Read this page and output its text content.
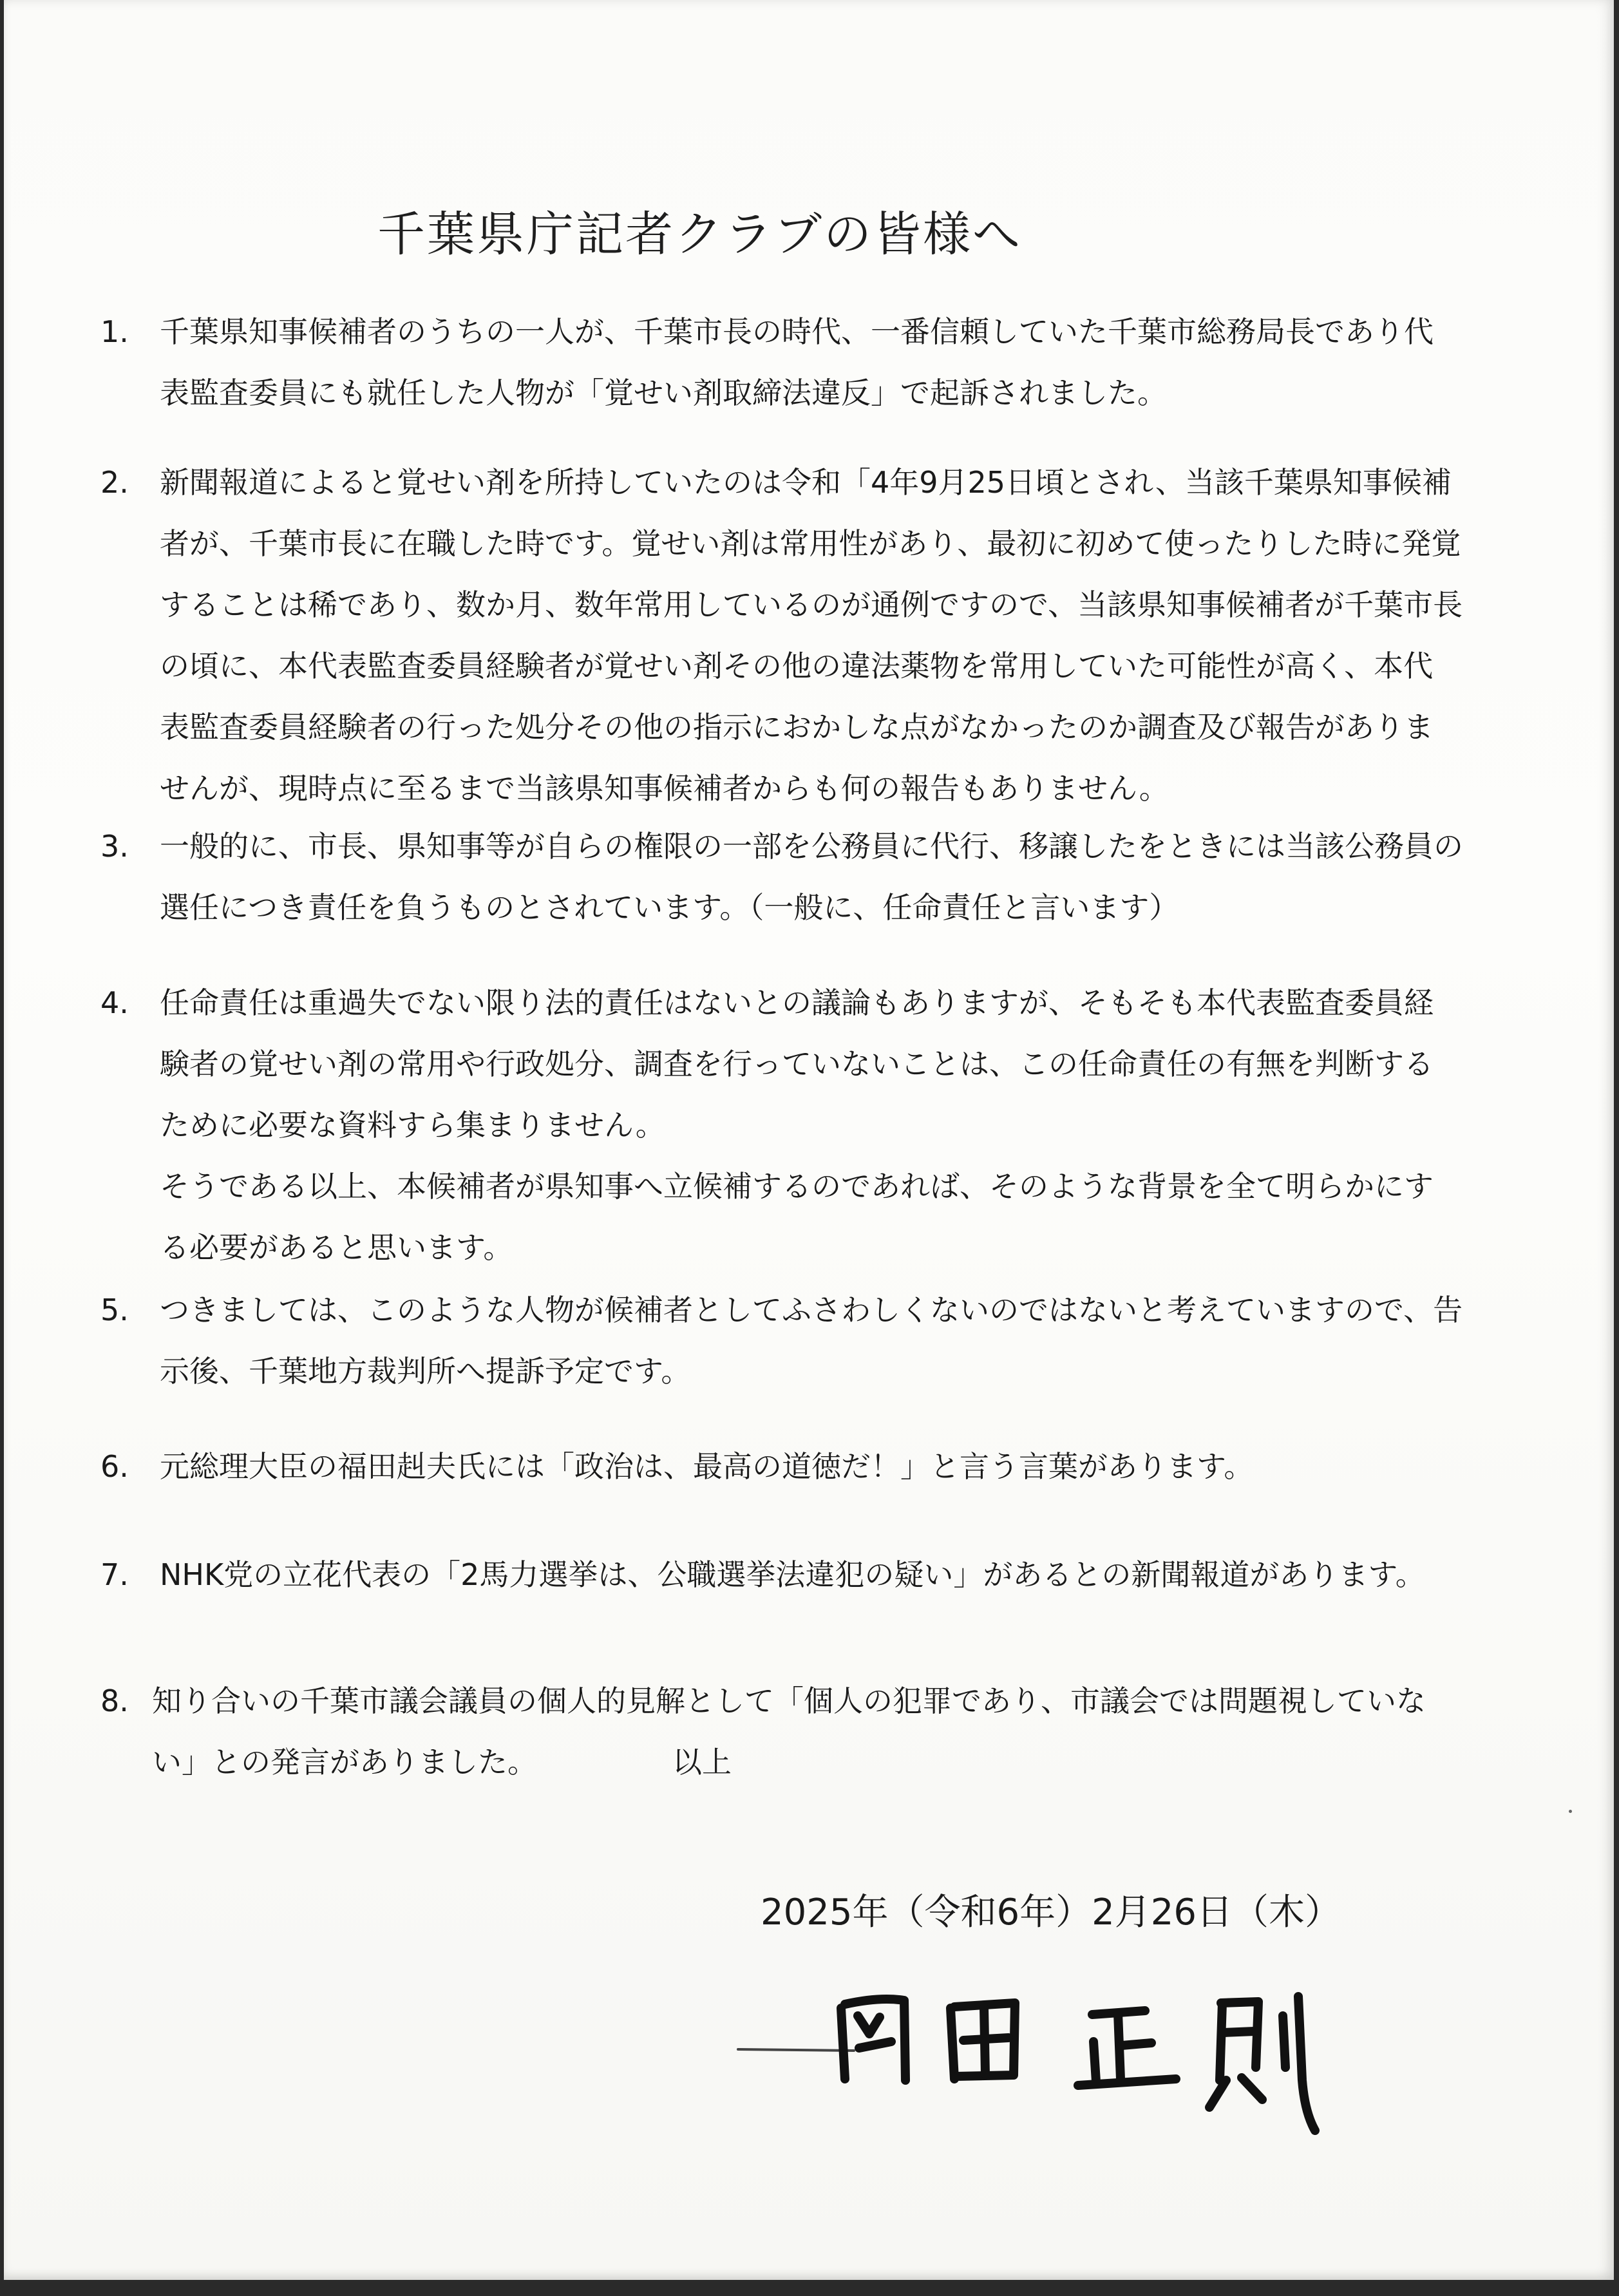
千葉県庁記者クラブの皆様へ
1. 千葉県知事候補者のうちの一人が、千葉市長の時代、一番信頼していた千葉市総務局長であり代
表監査委員にも就任した人物が「覚せい剤取締法違反」で起訴されました。
2. 新聞報道によると覚せい剤を所持していたのは令和「4年9月25日頃とされ、当該千葉県知事候補
者が、千葉市長に在職した時です。覚せい剤は常用性があり、最初に初めて使ったりした時に発覚
することは稀であり、数か月、数年常用しているのが通例ですので、当該県知事候補者が千葉市長
の頃に、本代表監査委員経験者が覚せい剤その他の違法薬物を常用していた可能性が高く、本代
表監査委員経験者の行った処分その他の指示におかしな点がなかったのか調査及び報告がありま
せんが、現時点に至るまで当該県知事候補者からも何の報告もありません。
3. 一般的に、市長、県知事等が自らの権限の一部を公務員に代行、移譲したをときには当該公務員の
選任につき責任を負うものとされています。（一般に、任命責任と言います）
4. 任命責任は重過失でない限り法的責任はないとの議論もありますが、そもそも本代表監査委員経
験者の覚せい剤の常用や行政処分、調査を行っていないことは、この任命責任の有無を判断する
ために必要な資料すら集まりません。
そうである以上、本候補者が県知事へ立候補するのであれば、そのような背景を全て明らかにす
る必要があると思います。
5. つきましては、このような人物が候補者としてふさわしくないのではないと考えていますので、告
示後、千葉地方裁判所へ提訴予定です。
6. 元総理大臣の福田赳夫氏には「政治は、最高の道徳だ！」と言う言葉があります。
7. NHK党の立花代表の「2馬力選挙は、公職選挙法違犯の疑い」があるとの新聞報道があります。
8. 知り合いの千葉市議会議員の個人的見解として「個人の犯罪であり、市議会では問題視していな
い」との発言がありました。	以上
2025年（令和6年）2月26日（木）
